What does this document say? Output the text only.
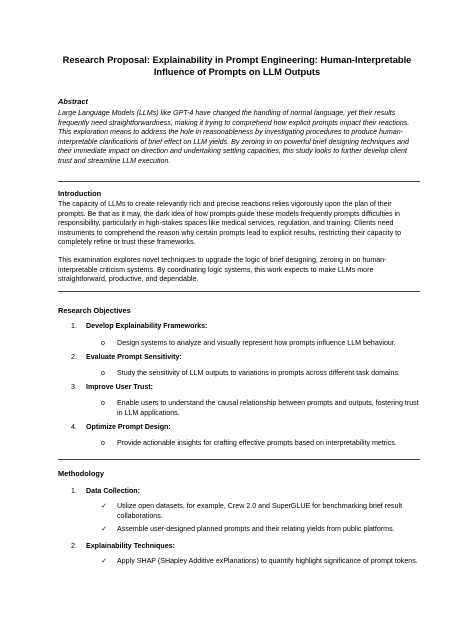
Research Proposal: Explainability in Prompt Engineering: Human-Interpretable Influence of Prompts on LLM Outputs
Abstract

Large Language Models (LLMs) like GPT-4 have changed the handling of normal language, yet their results frequently need straightforwardness, making it trying to comprehend how explicit prompts impact their reactions. This exploration means to address the hole in reasonableness by investigating procedures to produce human-interpretable clarifications of brief effect on LLM yields. By zeroing in on powerful brief designing techniques and their immediate impact on direction and undertaking settling capacities, this study looks to further develop client trust and streamline LLM execution.

Introduction

The capacity of LLMs to create relevantly rich and precise reactions relies vigorously upon the plan of their prompts. Be that as it may, the dark idea of how prompts guide these models frequently prompts difficulties in responsibility, particularly in high-stakes spaces like medical services, regulation, and training. Clients need instruments to comprehend the reason why certain prompts lead to explicit results, restricting their capacity to completely refine or trust these frameworks.

This examination explores novel techniques to upgrade the logic of brief designing, zeroing in on human-interpretable criticism systems. By coordinating logic systems, this work expects to make LLMs more straightforward, productive, and dependable.

Research Objectives
1. Develop Explainability Frameworks:
o Design systems to analyze and visually represent how prompts influence LLM behaviour.
2. Evaluate Prompt Sensitivity:
o Study the sensitivity of LLM outputs to variations in prompts across different task domains.
3. Improve User Trust:
o Enable users to understand the causal relationship between prompts and outputs, fostering trust in LLM applications.
4. Optimize Prompt Design:
o Provide actionable insights for crafting effective prompts based on interpretability metrics.
Methodology
1. Data Collection:
✓ Utilize open datasets, for example, Crew 2.0 and SuperGLUE for benchmarking brief result collaborations.
✓ Assemble user-designed planned prompts and their relating yields from public platforms.
2. Explainability Techniques:
✓ Apply SHAP (SHapley Additive exPlanations) to quantify highlight significance of prompt tokens.
